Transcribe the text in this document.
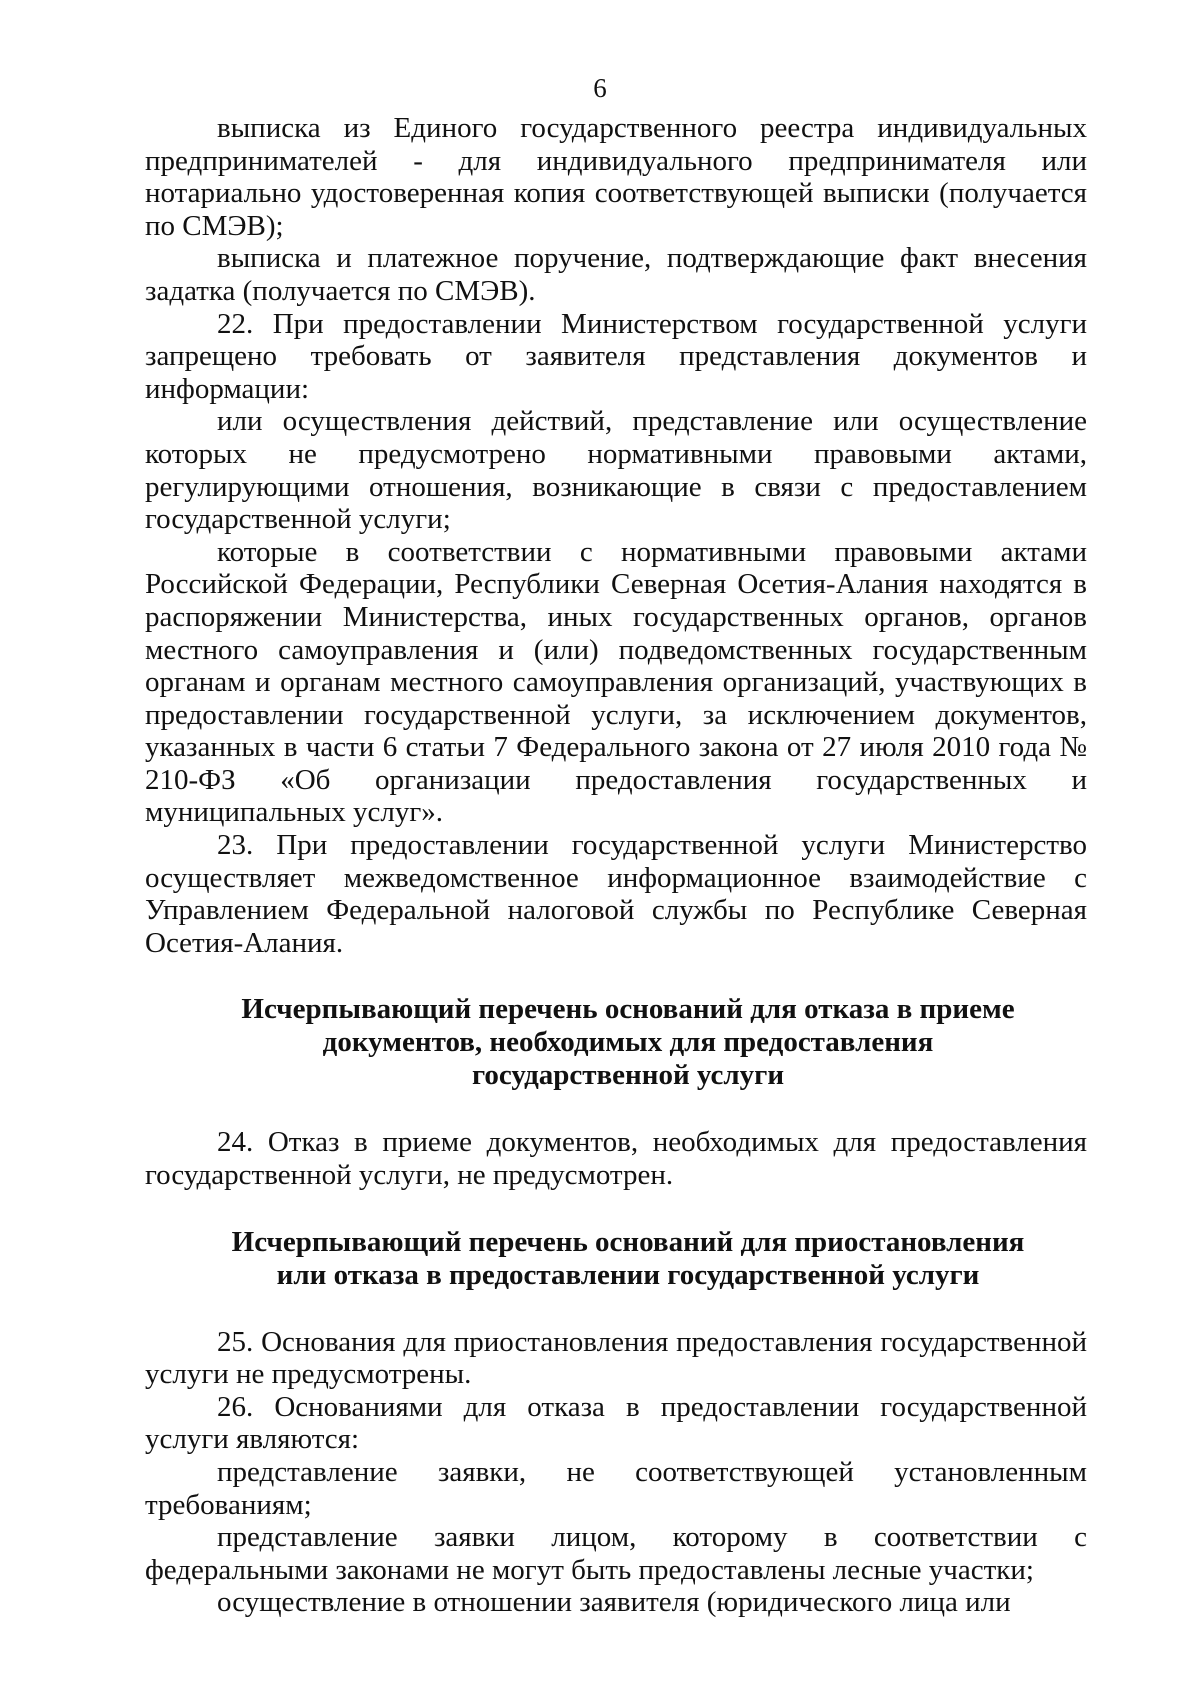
6

выписка из Единого государственного реестра индивидуальных предпринимателей - для индивидуального предпринимателя или нотариально удостоверенная копия соответствующей выписки (получается по СМЭВ);

выписка и платежное поручение, подтверждающие факт внесения задатка (получается по СМЭВ).

22. При предоставлении Министерством государственной услуги запрещено требовать от заявителя представления документов и информации:

или осуществления действий, представление или осуществление которых не предусмотрено нормативными правовыми актами, регулирующими отношения, возникающие в связи с предоставлением государственной услуги;

которые в соответствии с нормативными правовыми актами Российской Федерации, Республики Северная Осетия-Алания находятся в распоряжении Министерства, иных государственных органов, органов местного самоуправления и (или) подведомственных государственным органам и органам местного самоуправления организаций, участвующих в предоставлении государственной услуги, за исключением документов, указанных в части 6 статьи 7 Федерального закона от 27 июля 2010 года № 210-ФЗ «Об организации предоставления государственных и муниципальных услуг».

23. При предоставлении государственной услуги Министерство осуществляет межведомственное информационное взаимодействие с Управлением Федеральной налоговой службы по Республике Северная Осетия-Алания.

Исчерпывающий перечень оснований для отказа в приеме
документов, необходимых для предоставления
государственной услуги

24. Отказ в приеме документов, необходимых для предоставления государственной услуги, не предусмотрен.

Исчерпывающий перечень оснований для приостановления
или отказа в предоставлении государственной услуги

25. Основания для приостановления предоставления государственной услуги не предусмотрены.

26. Основаниями для отказа в предоставлении государственной услуги являются:

представление заявки, не соответствующей установленным требованиям;

представление заявки лицом, которому в соответствии с федеральными законами не могут быть предоставлены лесные участки;

осуществление в отношении заявителя (юридического лица или
